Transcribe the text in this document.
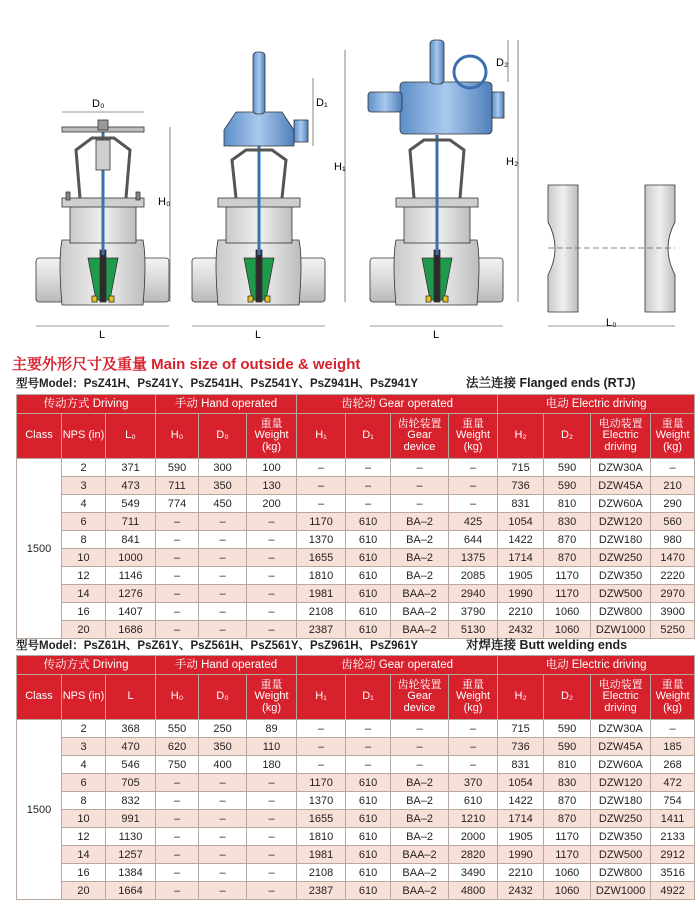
D₀
H₀
L
D₁
H₁
L
D₂
H₂
L
L₀
主要外形尺寸及重量 Main size of outside & weight
型号Model：PsZ41H、PsZ41Y、PsZ541H、PsZ541Y、PsZ941H、PsZ941Y	法兰连接 Flanged ends (RTJ)
传动方式 Driving			手动 Hand operated			齿轮动 Gear operated				电动 Electric driving			
Class	NPS (in)	L₀	H₀	D₀	重量 Weight (kg)	H₁	D₁	齿轮装置 Gear device	重量 Weight (kg)	H₂	D₂	电动装置 Electric driving	重量 Weight (kg)
1500	2	371	590	300	100	–	–	–	–	715	590	DZW30A	–
	3	473	711	350	130	–	–	–	–	736	590	DZW45A	210
	4	549	774	450	200	–	–	–	–	831	810	DZW60A	290
	6	711	–	–	–	1170	610	BA–2	425	1054	830	DZW120	560
	8	841	–	–	–	1370	610	BA–2	644	1422	870	DZW180	980
	10	1000	–	–	–	1655	610	BA–2	1375	1714	870	DZW250	1470
	12	1146	–	–	–	1810	610	BA–2	2085	1905	1170	DZW350	2220
	14	1276	–	–	–	1981	610	BAA–2	2940	1990	1170	DZW500	2970
	16	1407	–	–	–	2108	610	BAA–2	3790	2210	1060	DZW800	3900
	20	1686	–	–	–	2387	610	BAA–2	5130	2432	1060	DZW1000	5250
型号Model：PsZ61H、PsZ61Y、PsZ561H、PsZ561Y、PsZ961H、PsZ961Y	对焊连接 Butt welding ends
传动方式 Driving			手动 Hand operated			齿轮动 Gear operated				电动 Electric driving			
Class	NPS (in)	L	H₀	D₀	重量 Weight (kg)	H₁	D₁	齿轮装置 Gear device	重量 Weight (kg)	H₂	D₂	电动装置 Electric driving	重量 Weight (kg)
1500	2	368	550	250	89	–	–	–	–	715	590	DZW30A	–
	3	470	620	350	110	–	–	–	–	736	590	DZW45A	185
	4	546	750	400	180	–	–	–	–	831	810	DZW60A	268
	6	705	–	–	–	1170	610	BA–2	370	1054	830	DZW120	472
	8	832	–	–	–	1370	610	BA–2	610	1422	870	DZW180	754
	10	991	–	–	–	1655	610	BA–2	1210	1714	870	DZW250	1411
	12	1130	–	–	–	1810	610	BA–2	2000	1905	1170	DZW350	2133
	14	1257	–	–	–	1981	610	BAA–2	2820	1990	1170	DZW500	2912
	16	1384	–	–	–	2108	610	BAA–2	3490	2210	1060	DZW800	3516
	20	1664	–	–	–	2387	610	BAA–2	4800	2432	1060	DZW1000	4922
